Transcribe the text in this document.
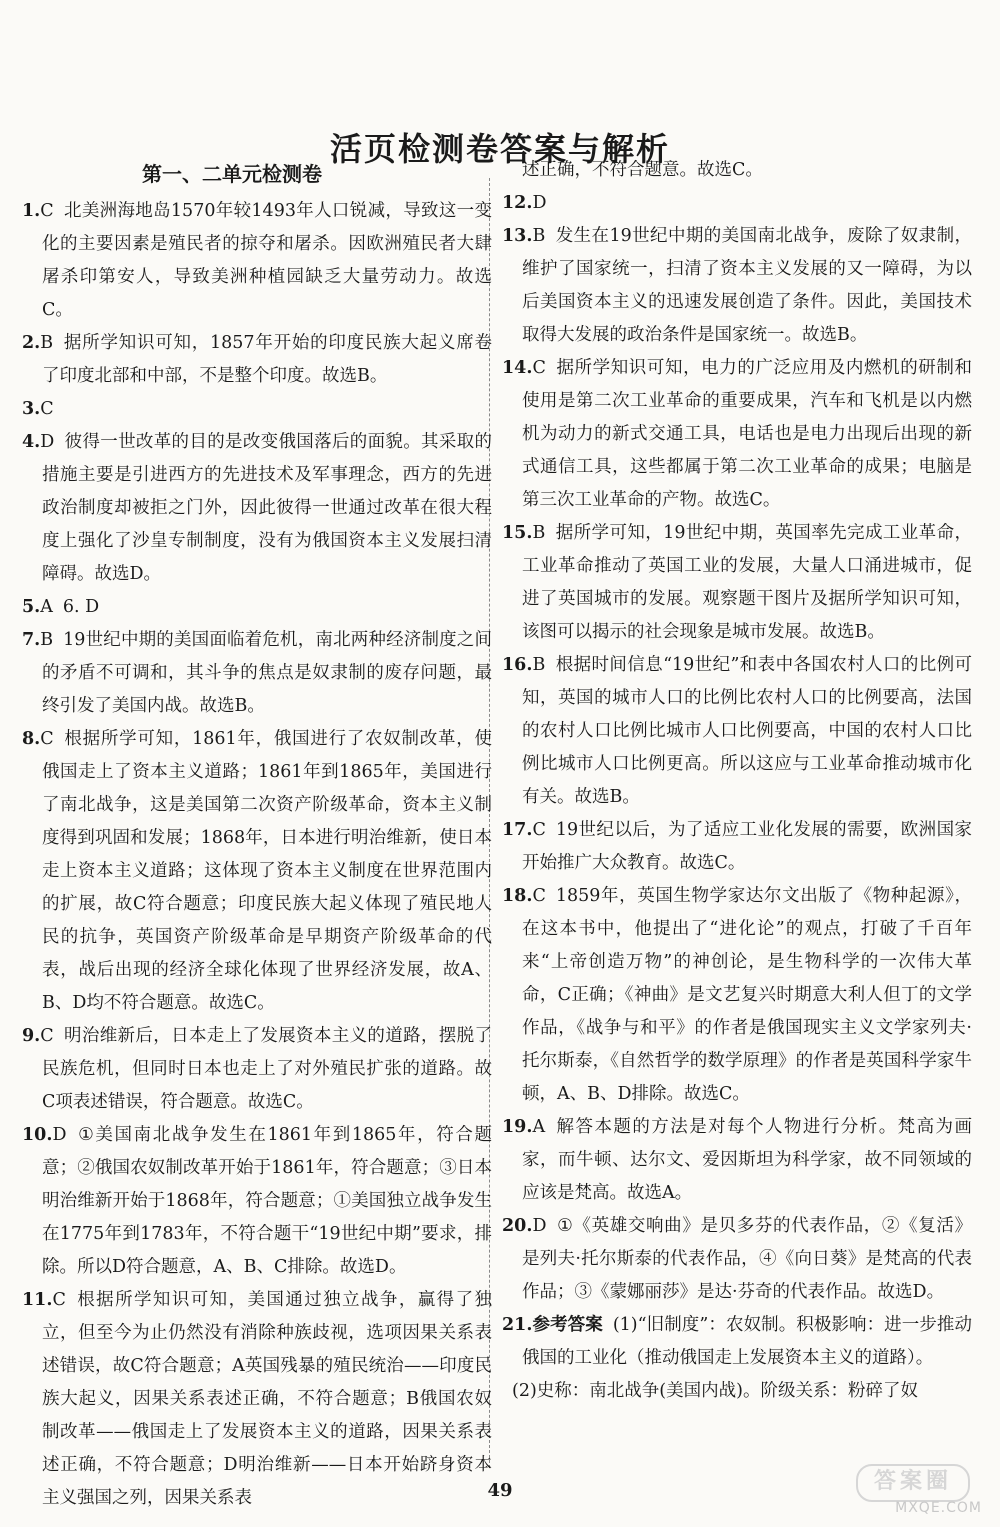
活页检测卷答案与解析
第一、二单元检测卷

1.C 北美洲海地岛1570年较1493年人口锐减，导致这一变化的主要因素是殖民者的掠夺和屠杀。因欧洲殖民者大肆屠杀印第安人，导致美洲种植园缺乏大量劳动力。故选C。

2.B 据所学知识可知，1857年开始的印度民族大起义席卷了印度北部和中部，不是整个印度。故选B。

3.C

4.D 彼得一世改革的目的是改变俄国落后的面貌。其采取的措施主要是引进西方的先进技术及军事理念，西方的先进政治制度却被拒之门外，因此彼得一世通过改革在很大程度上强化了沙皇专制制度，没有为俄国资本主义发展扫清障碍。故选D。

5.A 6. D

7.B 19世纪中期的美国面临着危机，南北两种经济制度之间的矛盾不可调和，其斗争的焦点是奴隶制的废存问题，最终引发了美国内战。故选B。

8.C 根据所学可知，1861年，俄国进行了农奴制改革，使俄国走上了资本主义道路；1861年到1865年，美国进行了南北战争，这是美国第二次资产阶级革命，资本主义制度得到巩固和发展；1868年，日本进行明治维新，使日本走上资本主义道路；这体现了资本主义制度在世界范围内的扩展，故C符合题意；印度民族大起义体现了殖民地人民的抗争，英国资产阶级革命是早期资产阶级革命的代表，战后出现的经济全球化体现了世界经济发展，故A、B、D均不符合题意。故选C。

9.C 明治维新后，日本走上了发展资本主义的道路，摆脱了民族危机，但同时日本也走上了对外殖民扩张的道路。故C项表述错误，符合题意。故选C。

10.D ①美国南北战争发生在1861年到1865年，符合题意；②俄国农奴制改革开始于1861年，符合题意；③日本明治维新开始于1868年，符合题意；①美国独立战争发生在1775年到1783年，不符合题干“19世纪中期”要求，排除。所以D符合题意，A、B、C排除。故选D。

11.C 根据所学知识可知，美国通过独立战争，赢得了独立，但至今为止仍然没有消除种族歧视，选项因果关系表述错误，故C符合题意；A英国残暴的殖民统治——印度民族大起义，因果关系表述正确，不符合题意；B俄国农奴制改革——俄国走上了发展资本主义的道路，因果关系表述正确，不符合题意；D明治维新——日本开始跻身资本主义强国之列，因果关系表

述正确，不符合题意。故选C。

12.D

13.B 发生在19世纪中期的美国南北战争，废除了奴隶制，维护了国家统一，扫清了资本主义发展的又一障碍，为以后美国资本主义的迅速发展创造了条件。因此，美国技术取得大发展的政治条件是国家统一。故选B。

14.C 据所学知识可知，电力的广泛应用及内燃机的研制和使用是第二次工业革命的重要成果，汽车和飞机是以内燃机为动力的新式交通工具，电话也是电力出现后出现的新式通信工具，这些都属于第二次工业革命的成果；电脑是第三次工业革命的产物。故选C。

15.B 据所学可知，19世纪中期，英国率先完成工业革命，工业革命推动了英国工业的发展，大量人口涌进城市，促进了英国城市的发展。观察题干图片及据所学知识可知，该图可以揭示的社会现象是城市发展。故选B。

16.B 根据时间信息“19世纪”和表中各国农村人口的比例可知，英国的城市人口的比例比农村人口的比例要高，法国的农村人口比例比城市人口比例要高，中国的农村人口比例比城市人口比例更高。所以这应与工业革命推动城市化有关。故选B。

17.C 19世纪以后，为了适应工业化发展的需要，欧洲国家开始推广大众教育。故选C。

18.C 1859年，英国生物学家达尔文出版了《物种起源》，在这本书中，他提出了“进化论”的观点，打破了千百年来“上帝创造万物”的神创论，是生物科学的一次伟大革命，C正确；《神曲》是文艺复兴时期意大利人但丁的文学作品，《战争与和平》的作者是俄国现实主义文学家列夫·托尔斯泰，《自然哲学的数学原理》的作者是英国科学家牛顿，A、B、D排除。故选C。

19.A 解答本题的方法是对每个人物进行分析。梵高为画家，而牛顿、达尔文、爱因斯坦为科学家，故不同领域的应该是梵高。故选A。

20.D ①《英雄交响曲》是贝多芬的代表作品，②《复活》是列夫·托尔斯泰的代表作品，④《向日葵》是梵高的代表作品；③《蒙娜丽莎》是达·芬奇的代表作品。故选D。

21.参考答案 (1)“旧制度”：农奴制。积极影响：进一步推动俄国的工业化（推动俄国走上发展资本主义的道路）。

(2)史称：南北战争(美国内战)。阶级关系：粉碎了奴

49	答案圈
MXQE.COM
